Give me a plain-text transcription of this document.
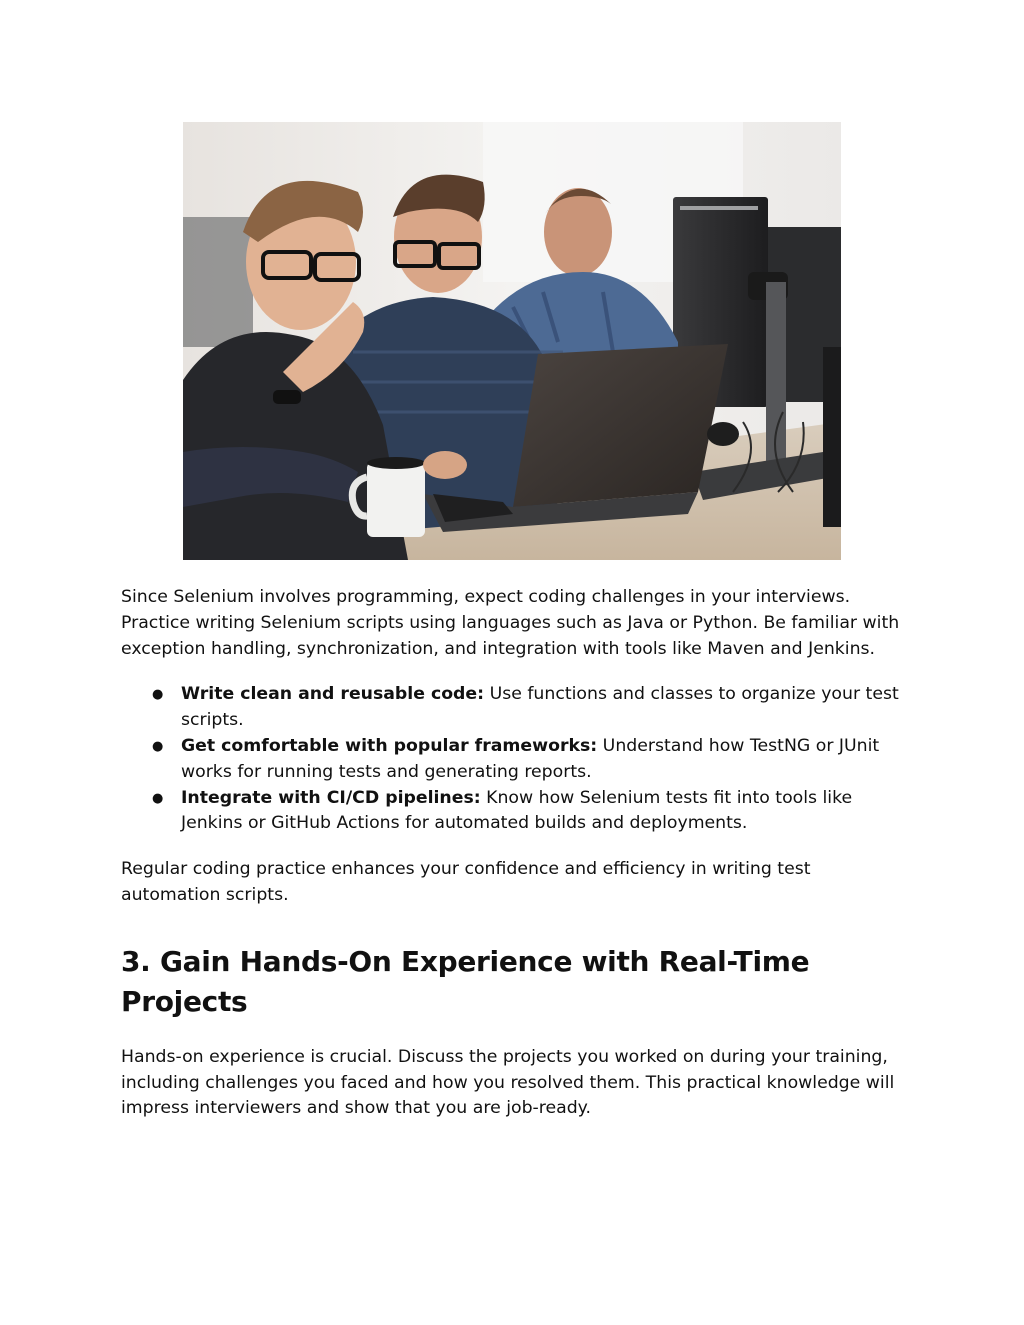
Since Selenium involves programming, expect coding challenges in your interviews. Practice writing Selenium scripts using languages such as Java or Python. Be familiar with exception handling, synchronization, and integration with tools like Maven and Jenkins.

● Write clean and reusable code: Use functions and classes to organize your test scripts.
● Get comfortable with popular frameworks: Understand how TestNG or JUnit works for running tests and generating reports.
● Integrate with CI/CD pipelines: Know how Selenium tests fit into tools like Jenkins or GitHub Actions for automated builds and deployments.

Regular coding practice enhances your confidence and efficiency in writing test automation scripts.

3. Gain Hands-On Experience with Real-Time Projects

Hands-on experience is crucial. Discuss the projects you worked on during your training, including challenges you faced and how you resolved them. This practical knowledge will impress interviewers and show that you are job-ready.
